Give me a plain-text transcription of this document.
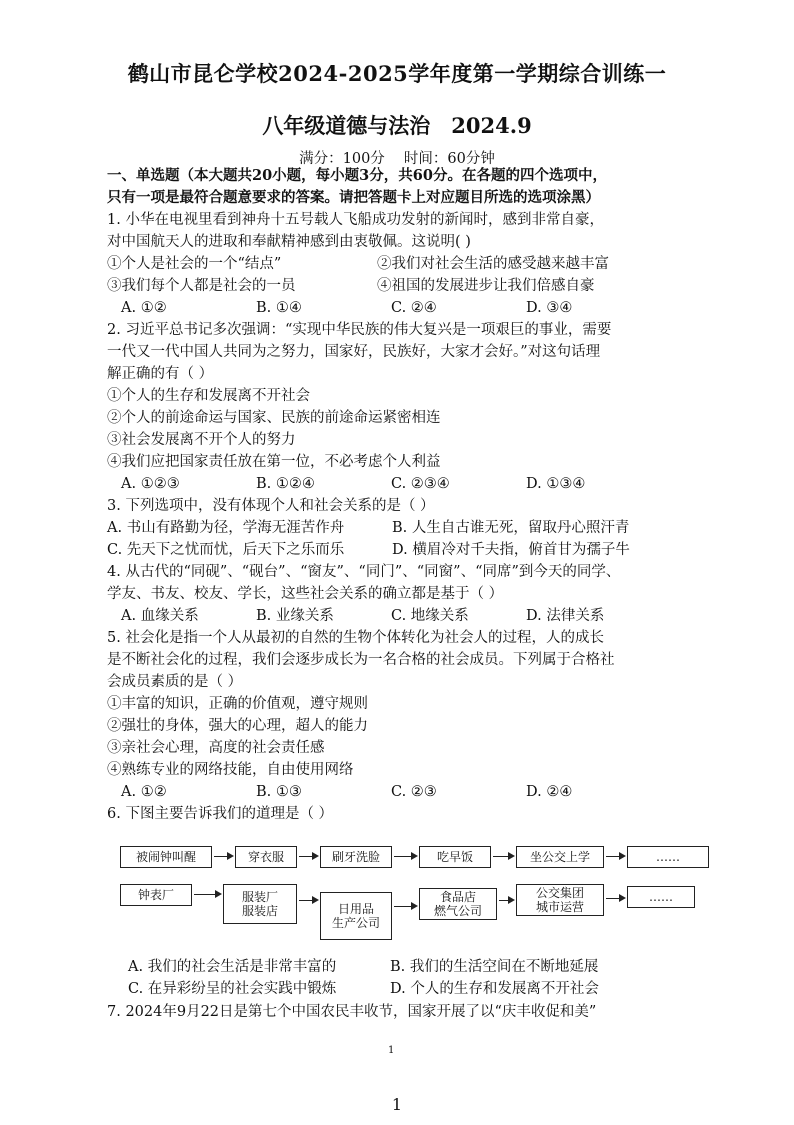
鹤山市昆仑学校2024-2025学年度第一学期综合训练一
八年级道德与法治　2024.9
满分：100分　 时间：60分钟
一、单选题（本大题共20小题，每小题3分，共60分。在各题的四个选项中，
只有一项是最符合题意要求的答案。请把答题卡上对应题目所选的选项涂黑）
1. 小华在电视里看到神舟十五号载人飞船成功发射的新闻时，感到非常自豪，
对中国航天人的进取和奉献精神感到由衷敬佩。这说明( )
①个人是社会的一个“结点”	②我们对社会生活的感受越来越丰富
③我们每个人都是社会的一员	④祖国的发展进步让我们倍感自豪
A. ①②	B. ①④	C. ②④	D. ③④
2. 习近平总书记多次强调：“实现中华民族的伟大复兴是一项艰巨的事业，需要
一代又一代中国人共同为之努力，国家好，民族好，大家才会好。”对这句话理
解正确的有（ ）
①个人的生存和发展离不开社会
②个人的前途命运与国家、民族的前途命运紧密相连
③社会发展离不开个人的努力
④我们应把国家责任放在第一位，不必考虑个人利益
A. ①②③	B. ①②④	C. ②③④	D. ①③④
3. 下列选项中，没有体现个人和社会关系的是（ ）
A. 书山有路勤为径，学海无涯苦作舟	B. 人生自古谁无死，留取丹心照汗青
C. 先天下之忧而忧，后天下之乐而乐	D. 横眉冷对千夫指，俯首甘为孺子牛
4. 从古代的“同砚”、“砚台”、“窗友”、“同门”、“同窗”、“同席”到今天的同学、
学友、书友、校友、学长，这些社会关系的确立都是基于（ ）
A. 血缘关系	B. 业缘关系	C. 地缘关系	D. 法律关系
5. 社会化是指一个人从最初的自然的生物个体转化为社会人的过程，人的成长
是不断社会化的过程，我们会逐步成长为一名合格的社会成员。下列属于合格社
会成员素质的是（ ）
①丰富的知识，正确的价值观，遵守规则
②强壮的身体，强大的心理，超人的能力
③亲社会心理，高度的社会责任感
④熟练专业的网络技能，自由使用网络
A. ①②	B. ①③	C. ②③	D. ②④
6. 下图主要告诉我们的道理是（ ）
被闹钟叫醒	穿衣服	刷牙洗脸	吃早饭	坐公交上学	……
钟表厂	服装厂
服装店	日用品
生产公司
食品店
燃气公司
公交集团
城市运营
……
A. 我们的社会生活是非常丰富的	B. 我们的生活空间在不断地延展
C. 在异彩纷呈的社会实践中锻炼	D. 个人的生存和发展离不开社会
7. 2024年9月22日是第七个中国农民丰收节，国家开展了以“庆丰收促和美”
1
1
